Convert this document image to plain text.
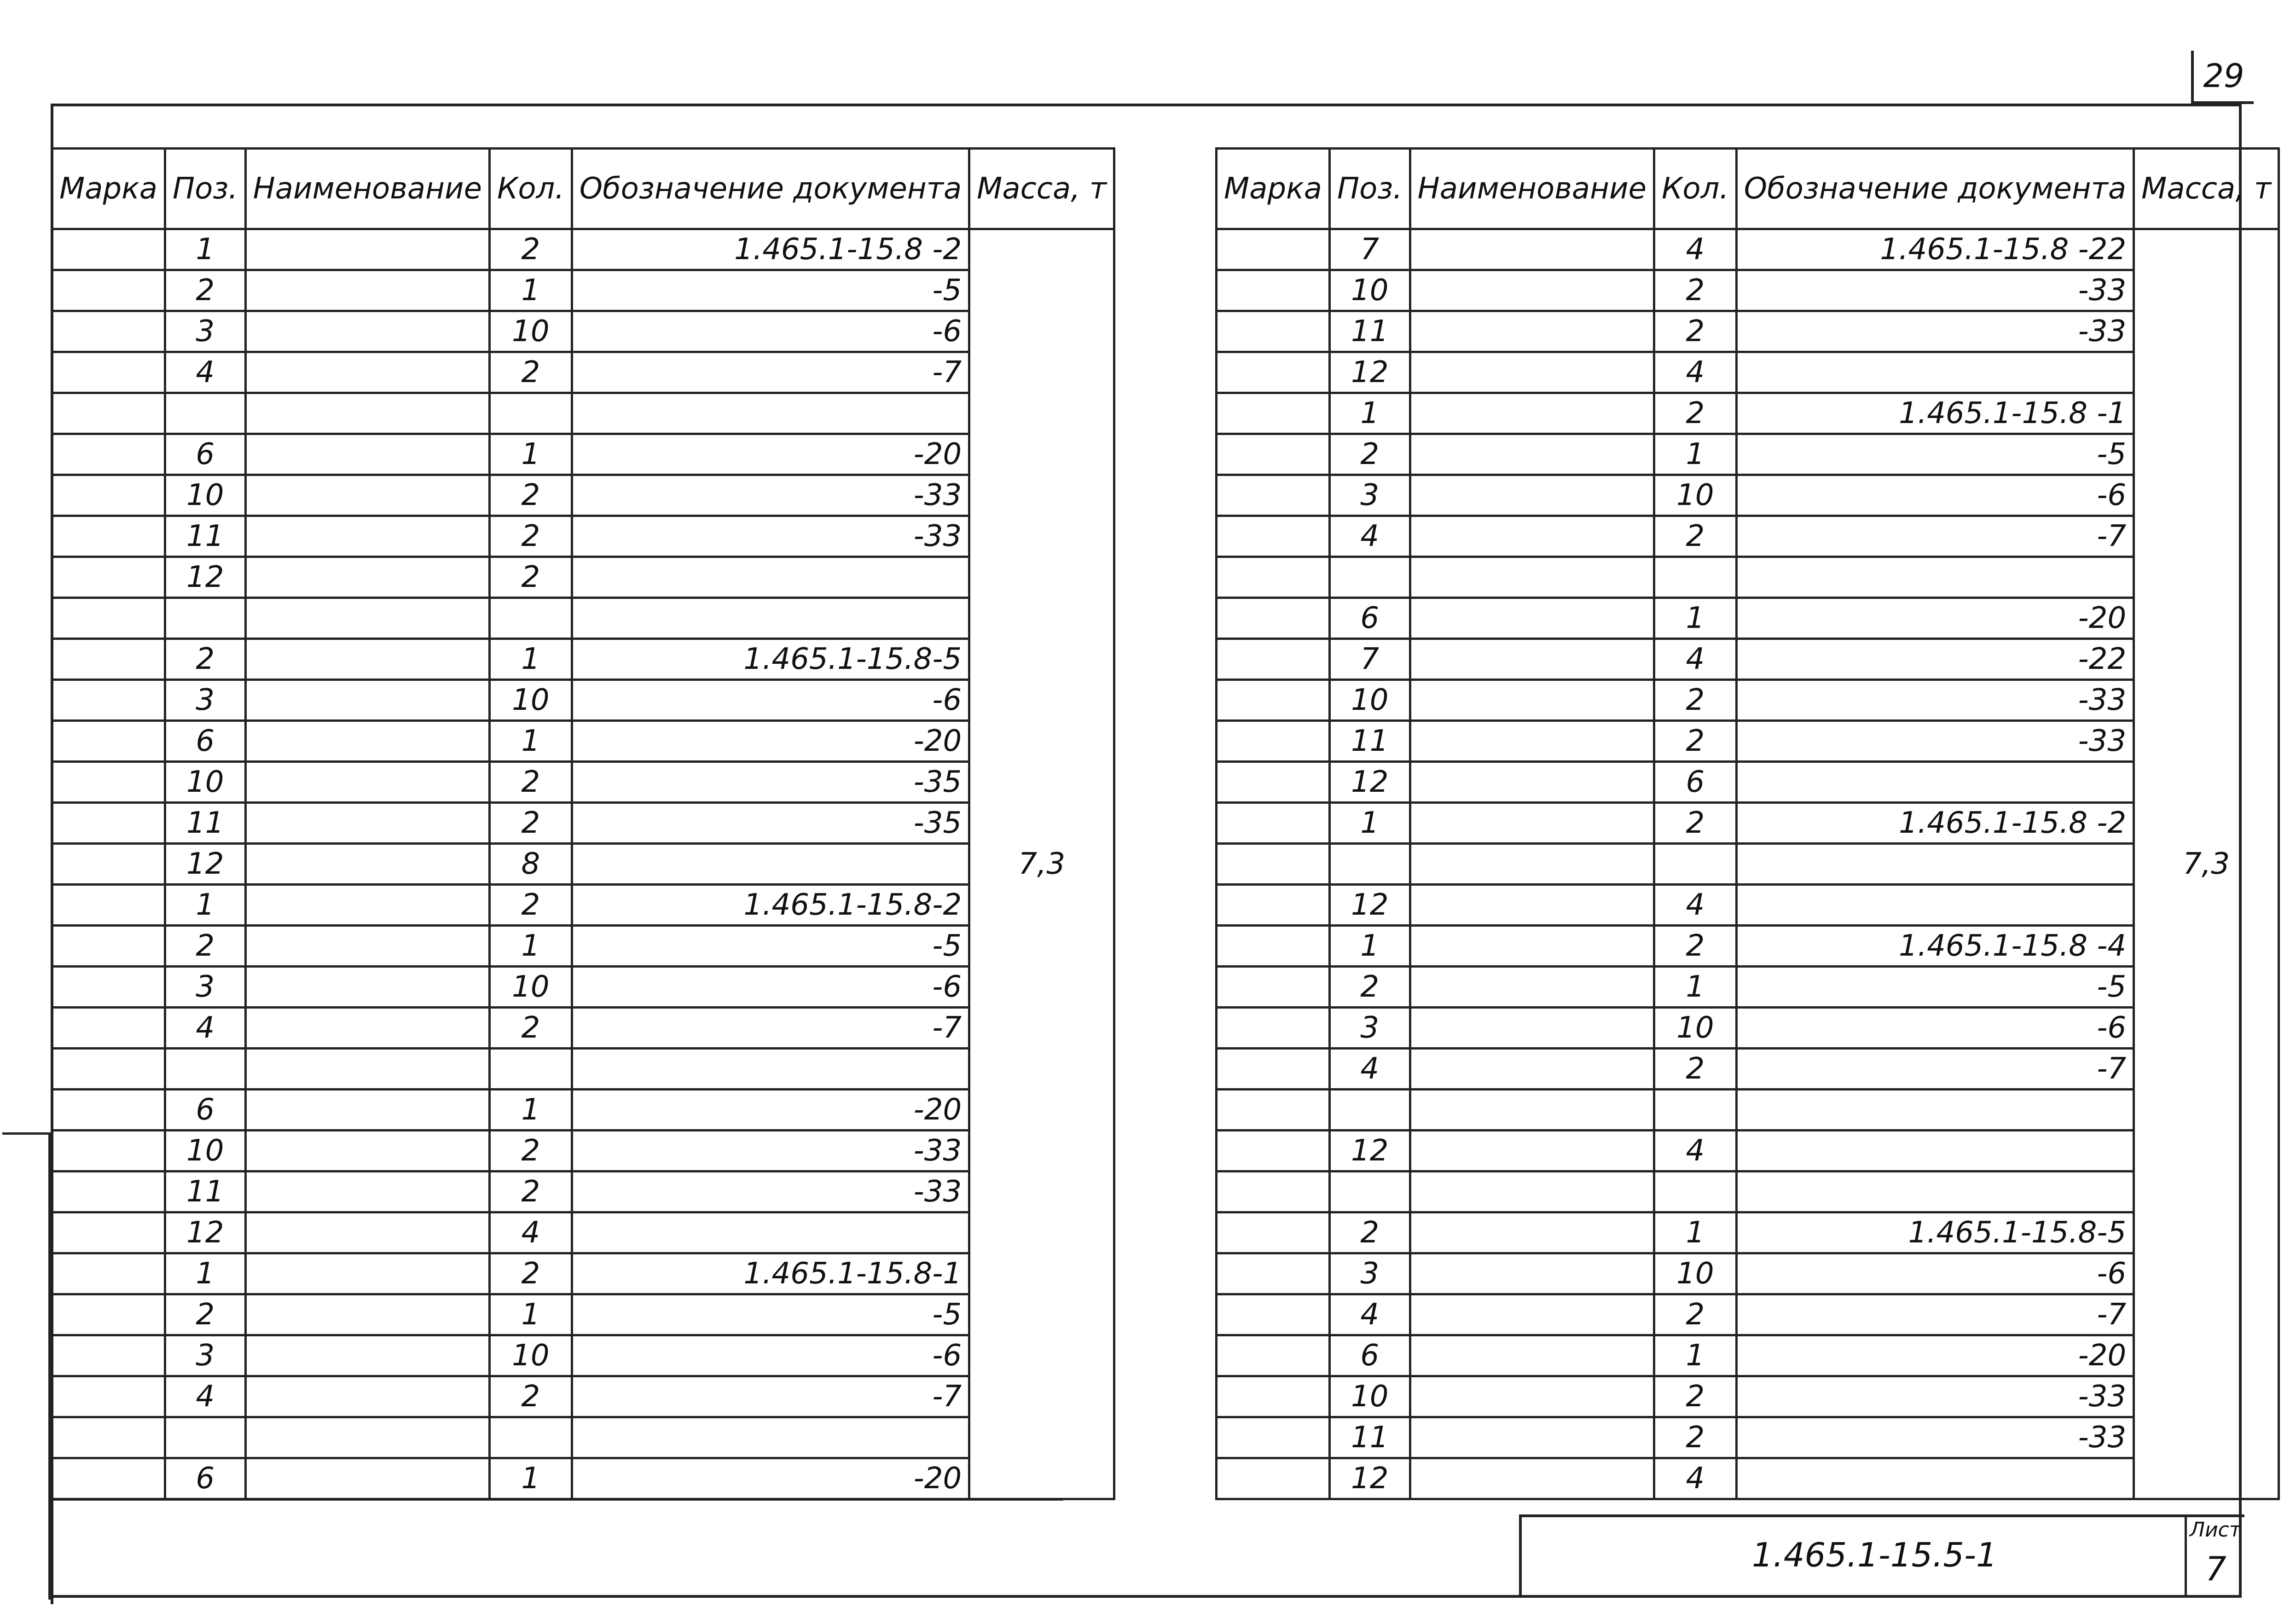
29
Марка	Поз.	Наименование	Кол.	Обозначение документа	Масса, т
	1		2	1.465.1-15.8 -2	7,3
	2		1	-5	
	3		10	-6	
	4		2	-7	

	6		1	-20	
	10		2	-33	
	11		2	-33	
	12		2		

	2		1	1.465.1-15.8-5	
	3		10	-6	
	6		1	-20	
	10		2	-35	
	11		2	-35	
	12		8		
	1		2	1.465.1-15.8-2	
	2		1	-5	
	3		10	-6	
	4		2	-7	

	6		1	-20	
	10		2	-33	
	11		2	-33	
	12		4		
	1		2	1.465.1-15.8-1	
	2		1	-5	
	3		10	-6	
	4		2	-7	

	6		1	-20	
Марка	Поз.	Наименование	Кол.	Обозначение документа	Масса, т
	7		4	1.465.1-15.8 -22	7,3
	10		2	-33	
	11		2	-33	
	12		4		
	1		2	1.465.1-15.8 -1	
	2		1	-5	
	3		10	-6	
	4		2	-7	

	6		1	-20	
	7		4	-22	
	10		2	-33	
	11		2	-33	
	12		6		
	1		2	1.465.1-15.8 -2	

	12		4		
	1		2	1.465.1-15.8 -4	
	2		1	-5	
	3		10	-6	
	4		2	-7	

	12		4		

	2		1	1.465.1-15.8-5	
	3		10	-6	
	4		2	-7	
	6		1	-20	
	10		2	-33	
	11		2	-33	
	12		4		
1.465.1-15.5-1
Лист
7
